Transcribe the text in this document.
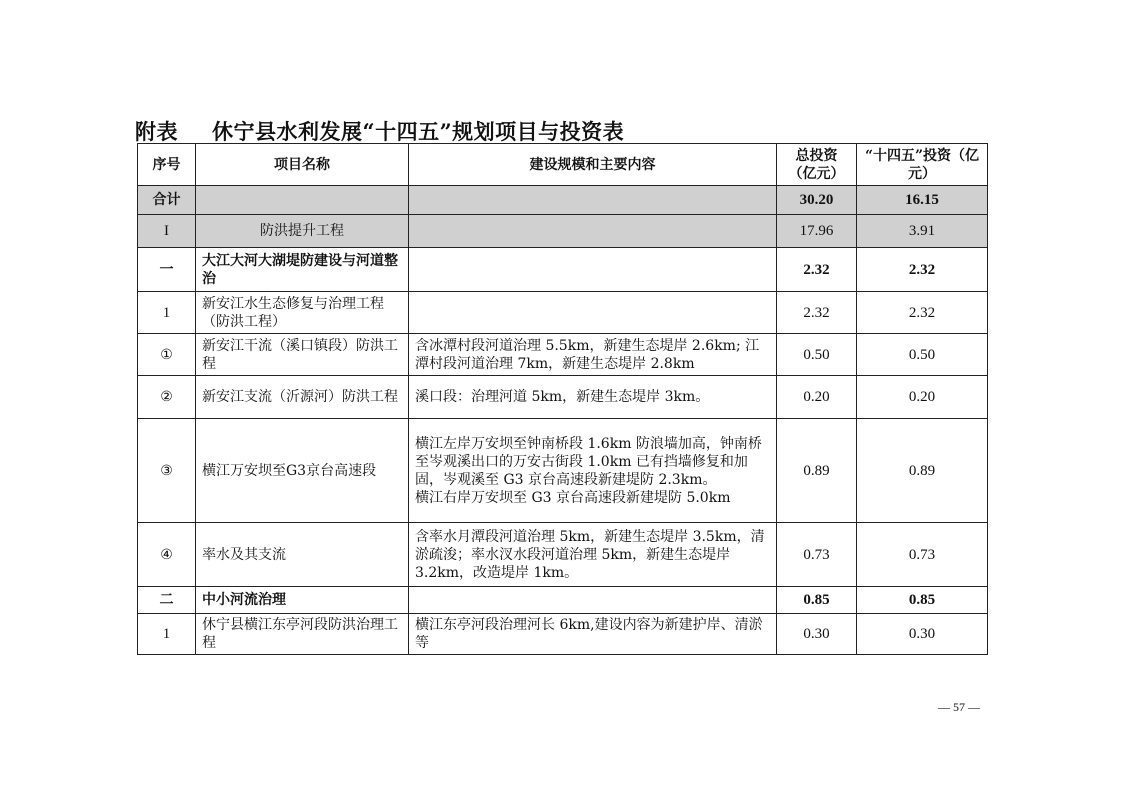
附表 休宁县水利发展“十四五”规划项目与投资表
序号	项目名称	建设规模和主要内容	总投资（亿元）	“十四五”投资（亿元）
合计			30.20	16.15
I	防洪提升工程		17.96	3.91
一	大江大河大湖堤防建设与河道整治		2.32	2.32
1	新安江水生态修复与治理工程（防洪工程）		2.32	2.32
①	新安江干流（溪口镇段）防洪工程	含冰潭村段河道治理 5.5km，新建生态堤岸 2.6km; 江潭村段河道治理 7km，新建生态堤岸 2.8km	0.50	0.50
②	新安江支流（沂源河）防洪工程	溪口段：治理河道 5km，新建生态堤岸 3km。	0.20	0.20
③	横江万安坝至G3京台高速段	横江左岸万安坝至钟南桥段 1.6km 防浪墙加高，钟南桥至岑观溪出口的万安古街段 1.0km 已有挡墙修复和加固，岑观溪至 G3 京台高速段新建堤防 2.3km。
横江右岸万安坝至 G3 京台高速段新建堤防 5.0km	0.89	0.89
④	率水及其支流	含率水月潭段河道治理 5km，新建生态堤岸 3.5km，清淤疏浚；率水汊水段河道治理 5km，新建生态堤岸 3.2km，改造堤岸 1km。	0.73	0.73
二	中小河流治理		0.85	0.85
1	休宁县横江东亭河段防洪治理工程	横江东亭河段治理河长 6km,建设内容为新建护岸、清淤等	0.30	0.30
— 57 —
